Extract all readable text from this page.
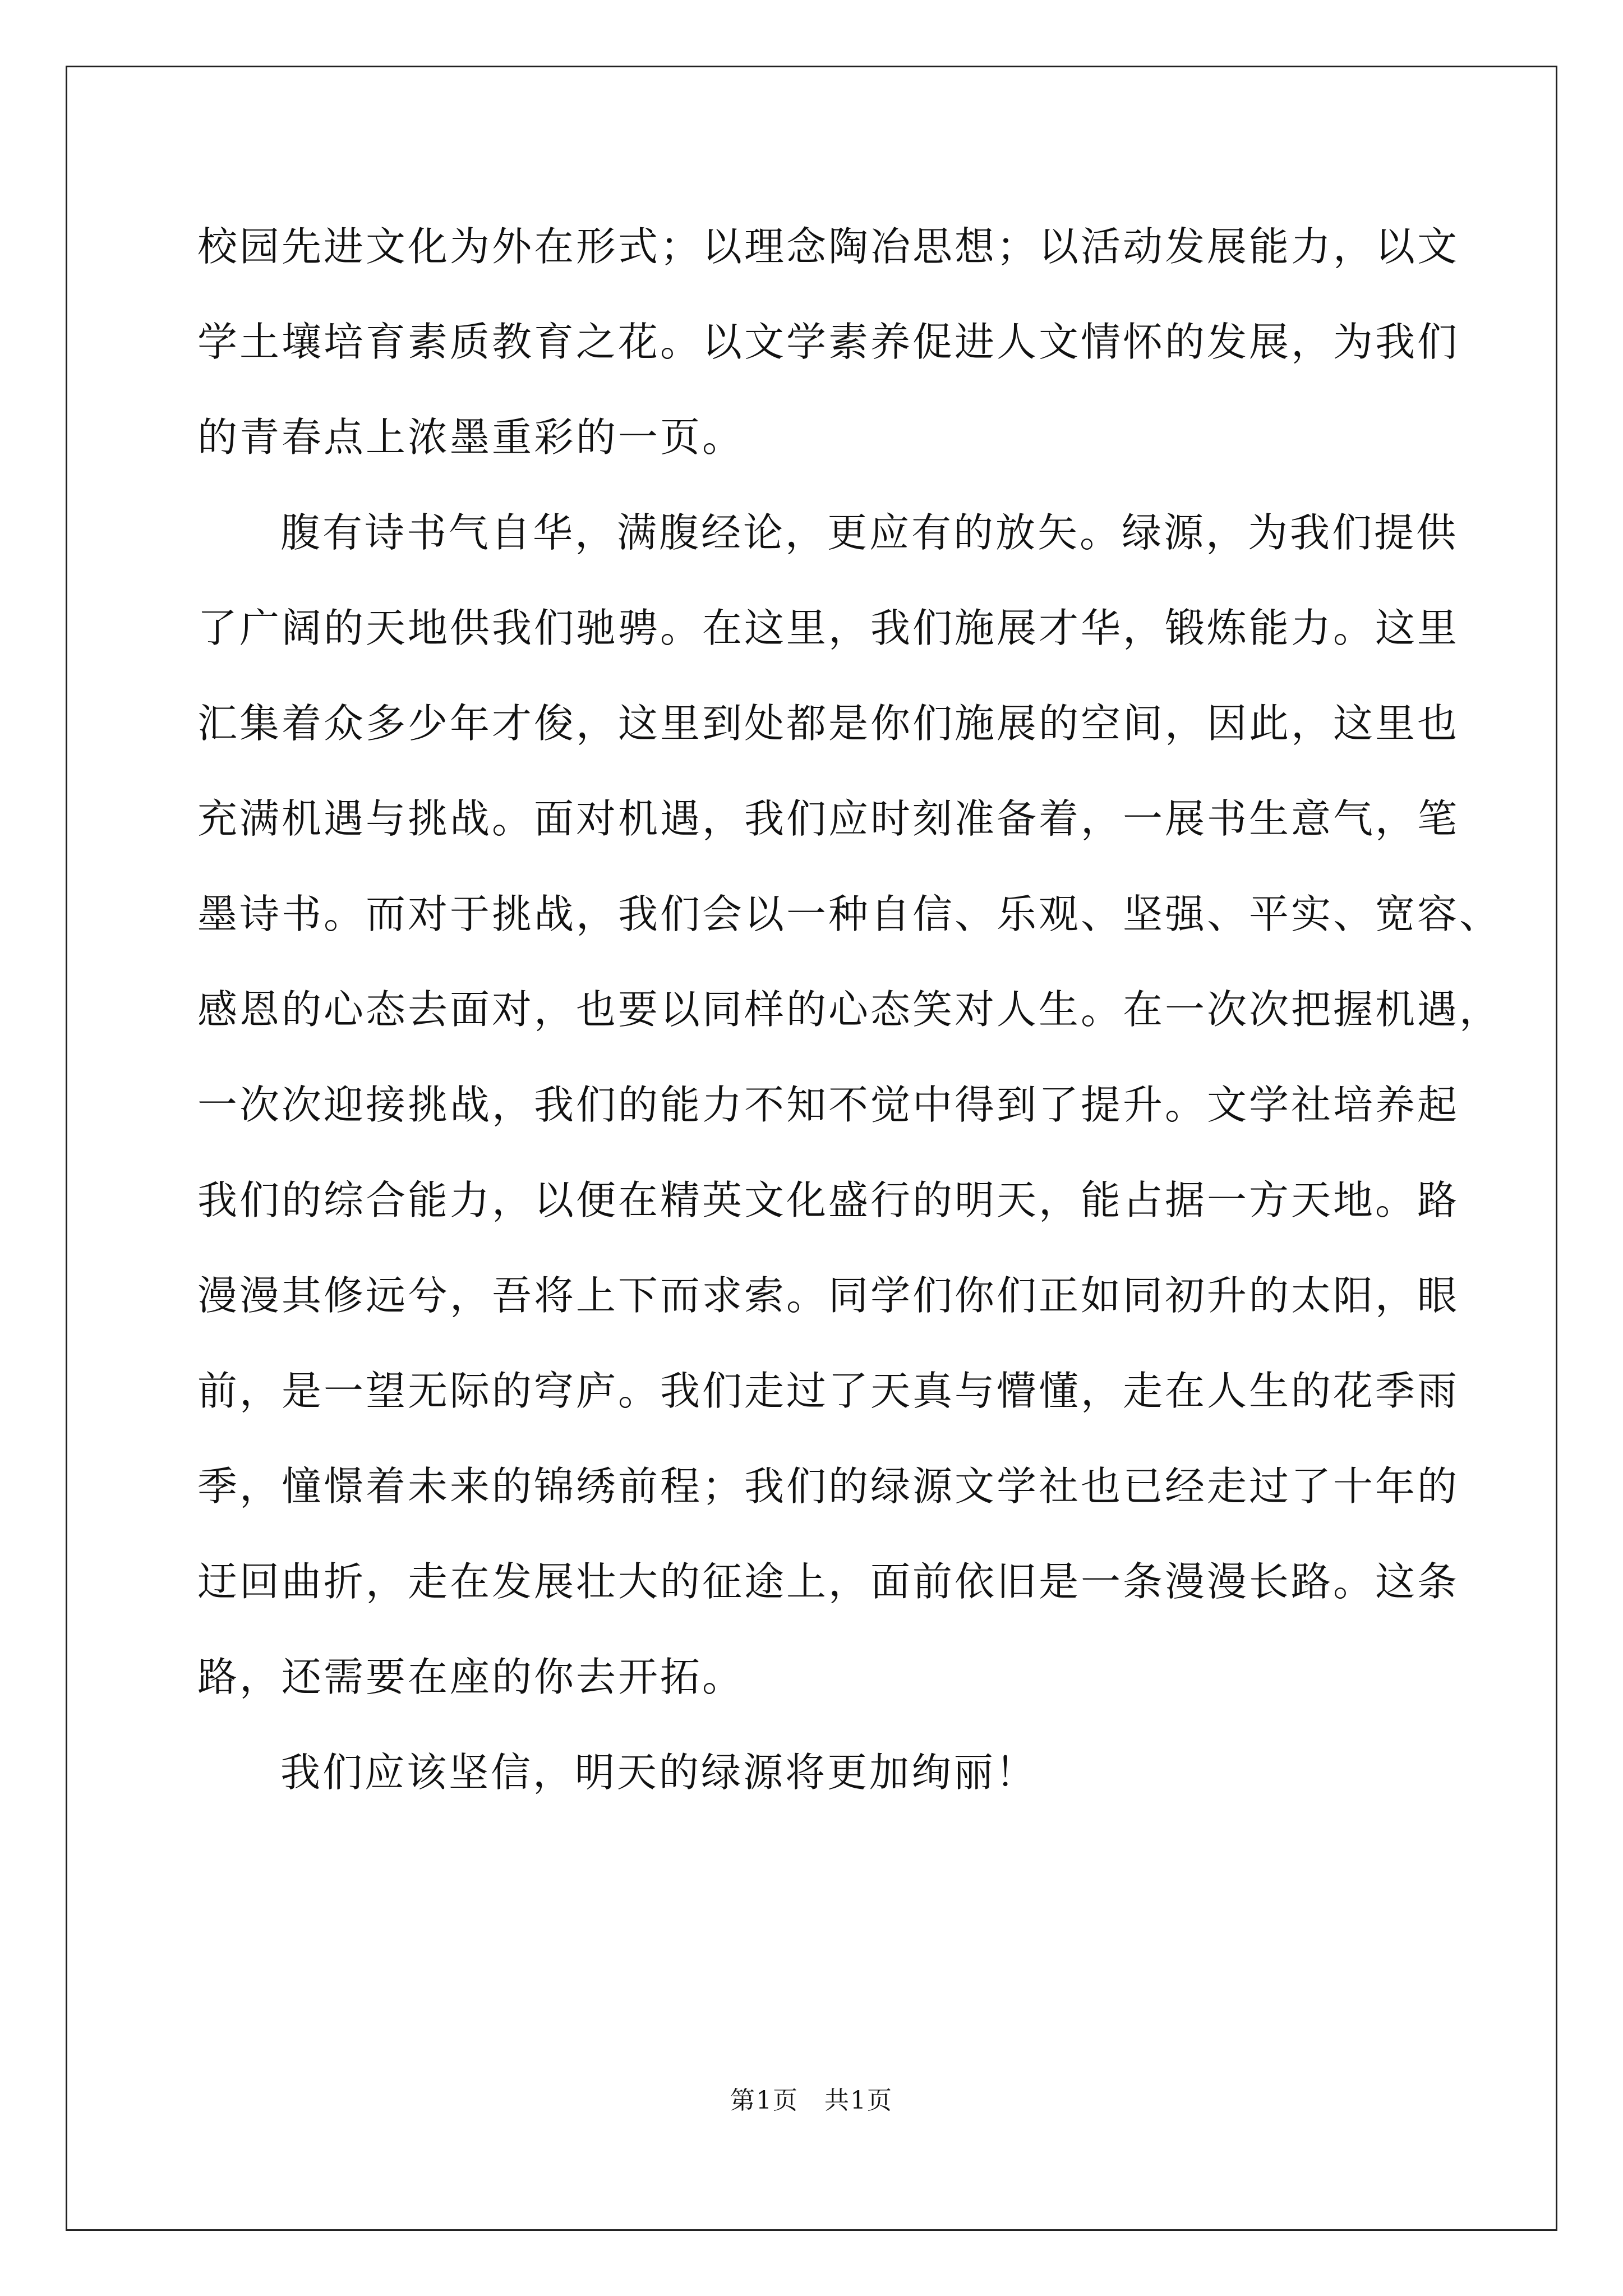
校园先进文化为外在形式；以理念陶冶思想；以活动发展能力，以文
学土壤培育素质教育之花。以文学素养促进人文情怀的发展，为我们
的青春点上浓墨重彩的一页。
腹有诗书气自华，满腹经论，更应有的放矢。绿源，为我们提供
了广阔的天地供我们驰骋。在这里，我们施展才华，锻炼能力。这里
汇集着众多少年才俊，这里到处都是你们施展的空间，因此，这里也
充满机遇与挑战。面对机遇，我们应时刻准备着，一展书生意气，笔
墨诗书。而对于挑战，我们会以一种自信、乐观、坚强、平实、宽容、
感恩的心态去面对，也要以同样的心态笑对人生。在一次次把握机遇，
一次次迎接挑战，我们的能力不知不觉中得到了提升。文学社培养起
我们的综合能力，以便在精英文化盛行的明天，能占据一方天地。路
漫漫其修远兮，吾将上下而求索。同学们你们正如同初升的太阳，眼
前，是一望无际的穹庐。我们走过了天真与懵懂，走在人生的花季雨
季，憧憬着未来的锦绣前程；我们的绿源文学社也已经走过了十年的
迂回曲折，走在发展壮大的征途上，面前依旧是一条漫漫长路。这条
路，还需要在座的你去开拓。
我们应该坚信，明天的绿源将更加绚丽！
第1页　共1页
